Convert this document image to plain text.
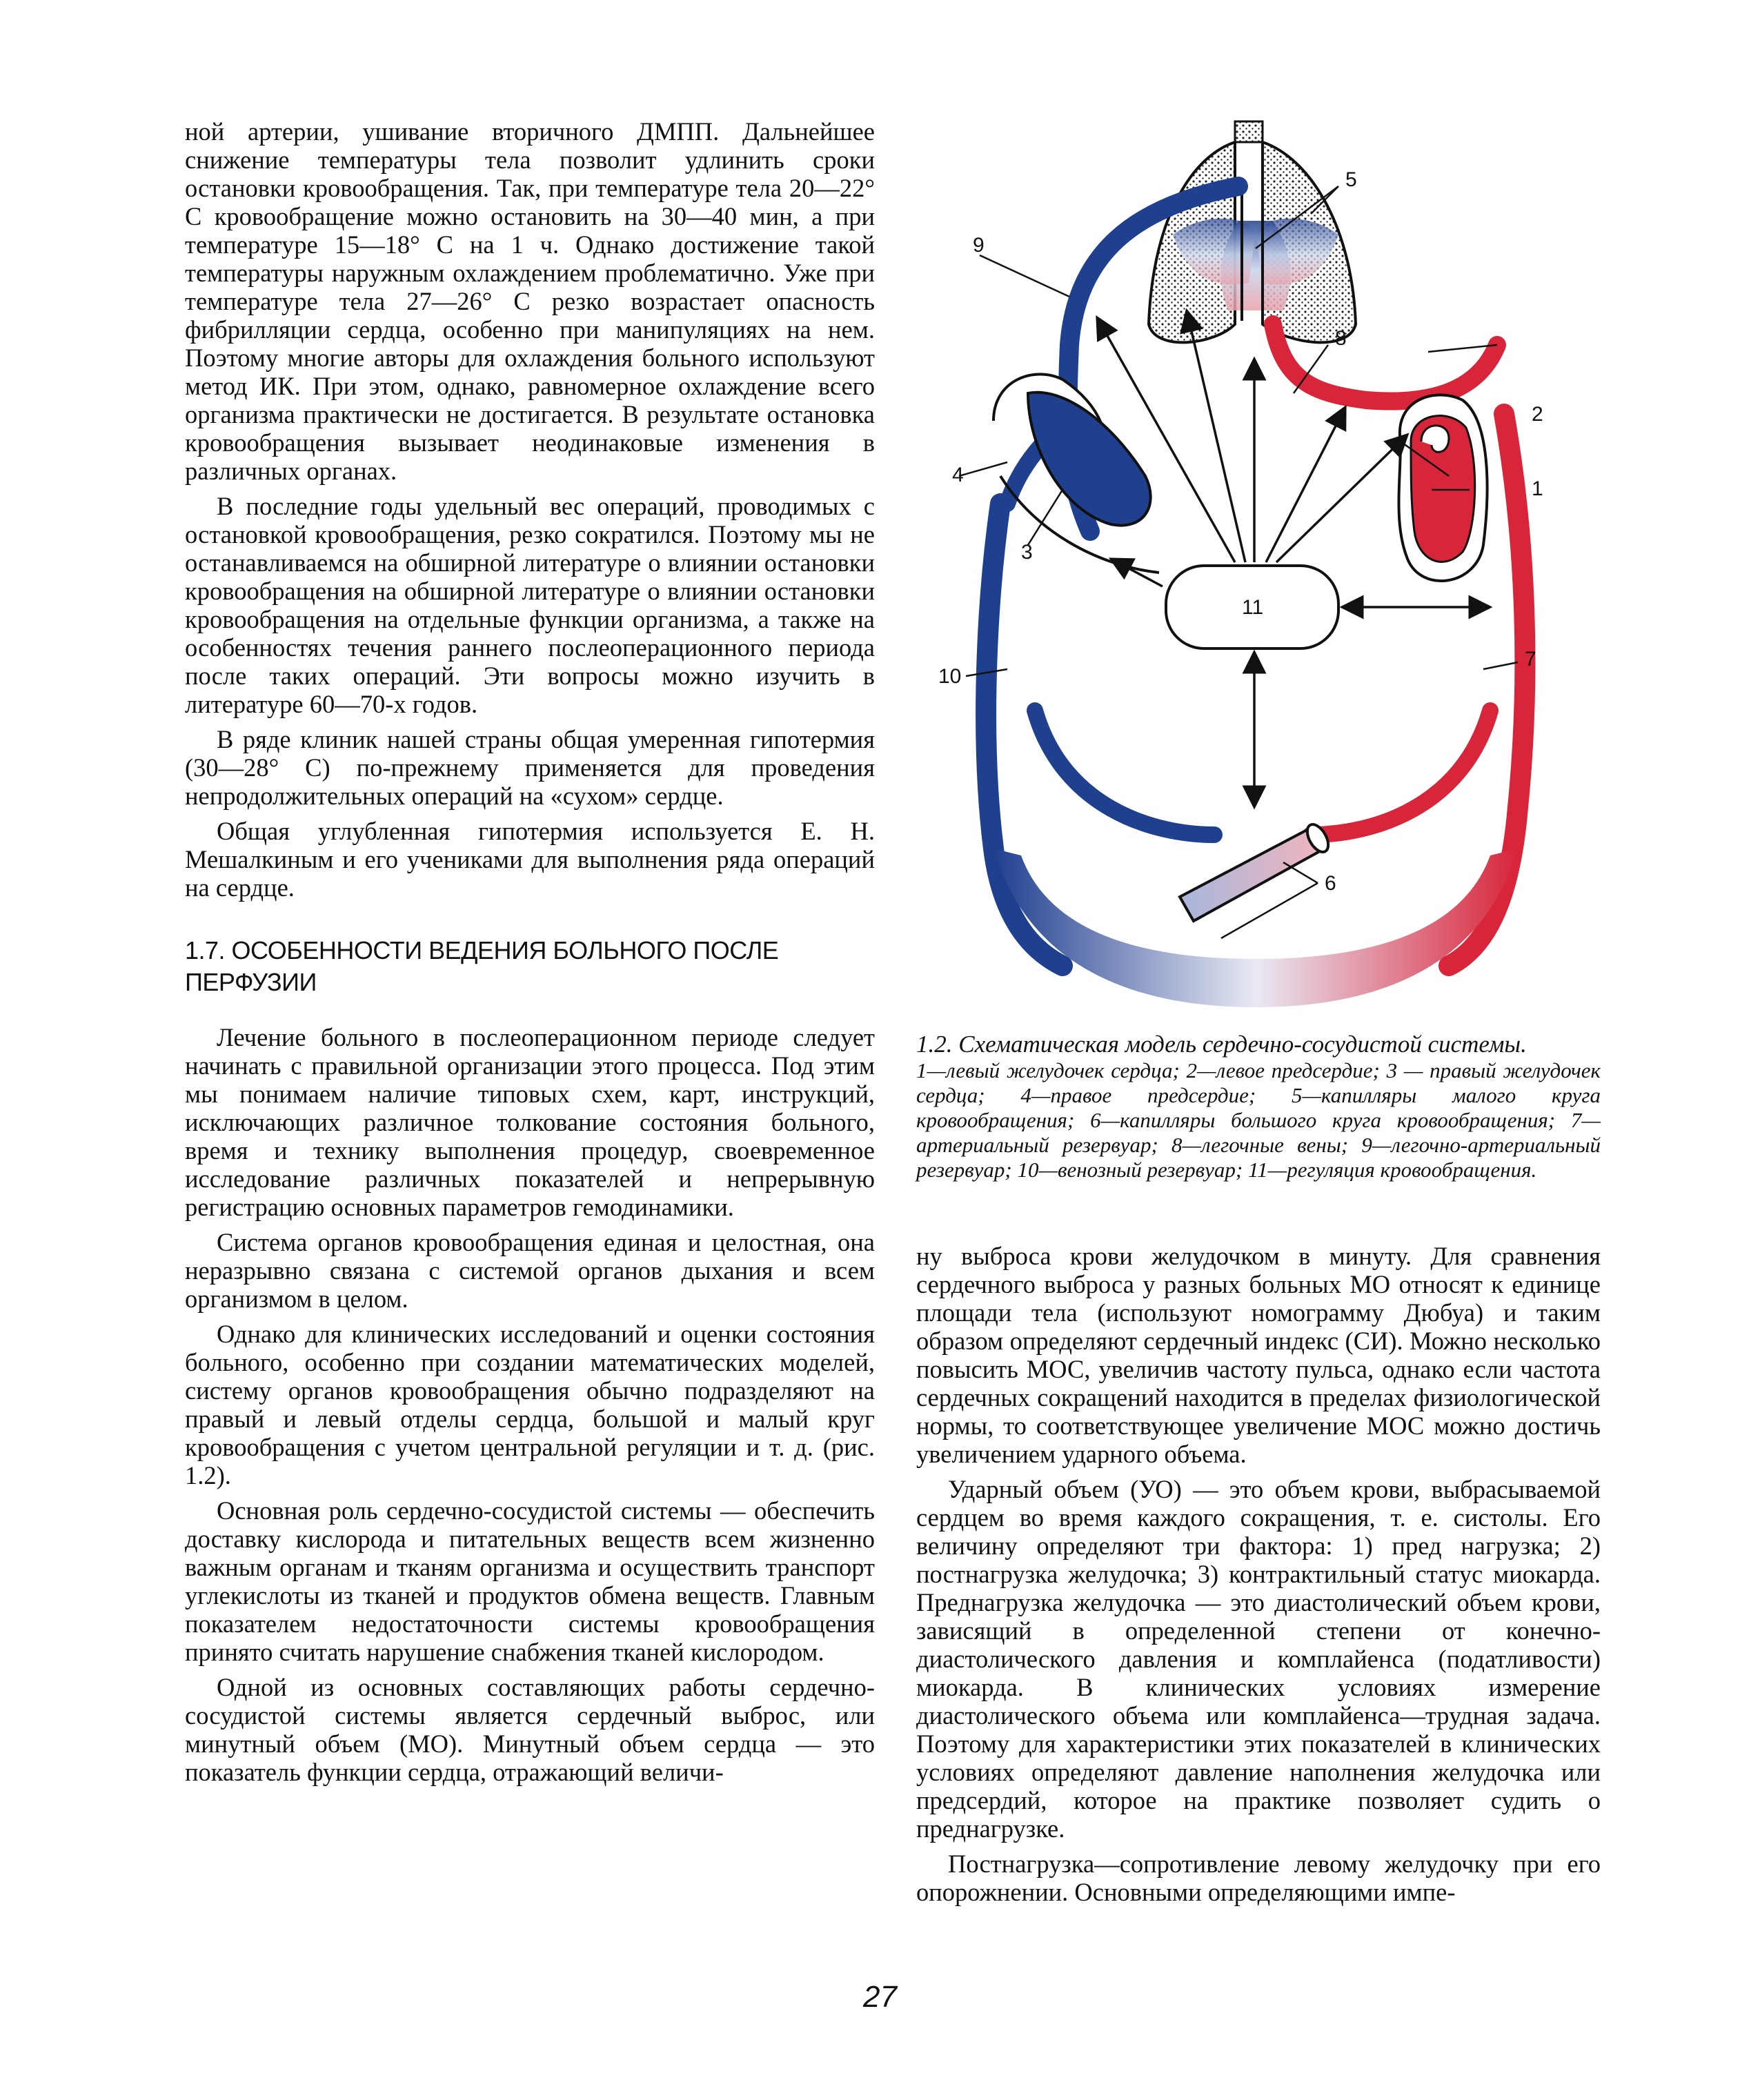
ной артерии, ушивание вторичного ДМПП. Дальнейшее снижение температуры тела позволит удлинить сроки остановки кровообращения. Так, при температуре тела 20—22° С кровообращение можно остановить на 30—40 мин, а при температуре 15—18° С на 1 ч. Однако достижение такой температуры наружным охлаждением проблематично. Уже при температуре тела 27—26° С резко возрастает опасность фибрилляции сердца, особенно при манипуляциях на нем. Поэтому многие авторы для охлаждения больного используют метод ИК. При этом, однако, равномерное охлаждение всего организма практически не достигается. В результате остановка кровообращения вызывает неодинаковые изменения в различных органах.

В последние годы удельный вес операций, проводимых с остановкой кровообращения, резко сократился. Поэтому мы не останавливаемся на обширной литературе о влиянии остановки кровообращения на обширной литературе о влиянии остановки кровообращения на отдельные функции организма, а также на особенностях течения раннего послеоперационного периода после таких операций. Эти вопросы можно изучить в литературе 60—70-х годов.

В ряде клиник нашей страны общая умеренная гипотермия (30—28° С) по-прежнему применяется для проведения непродолжительных операций на «сухом» сердце.

Общая углубленная гипотермия используется Е. Н. Мешалкиным и его учениками для выполнения ряда операций на сердце.

1.7. ОСОБЕННОСТИ ВЕДЕНИЯ БОЛЬНОГО ПОСЛЕ ПЕРФУЗИИ

Лечение больного в послеоперационном периоде следует начинать с правильной организации этого процесса. Под этим мы понимаем наличие типовых схем, карт, инструкций, исключающих различное толкование состояния больного, время и технику выполнения процедур, своевременное исследование различных показателей и непрерывную регистрацию основных параметров гемодинамики.

Система органов кровообращения единая и целостная, она неразрывно связана с системой органов дыхания и всем организмом в целом.

Однако для клинических исследований и оценки состояния больного, особенно при создании математических моделей, систему органов кровообращения обычно подразделяют на правый и левый отделы сердца, большой и малый круг кровообращения с учетом центральной регуляции и т. д. (рис. 1.2).

Основная роль сердечно-сосудистой системы — обеспечить доставку кислорода и питательных веществ всем жизненно важным органам и тканям организма и осуществить транспорт углекислоты из тканей и продуктов обмена веществ. Главным показателем недостаточности системы кровообращения принято считать нарушение снабжения тканей кислородом.

Одной из основных составляющих работы сердечно-сосудистой системы является сердечный выброс, или минутный объем (МО). Минутный объем сердца — это показатель функции сердца, отражающий величи-

1
2
3
4
5
6
7
8
9
10
11
1.2. Схематическая модель сердечно-сосудистой системы.
1—левый желудочек сердца; 2—левое предсердие; 3 — правый желудочек сердца; 4—правое предсердие; 5—капилляры малого круга кровообращения; 6—капилляры большого круга кровообращения; 7—артериальный резервуар; 8—легочные вены; 9—легочно-артериальный резервуар; 10—венозный резервуар; 11—регуляция кровообращения.

ну выброса крови желудочком в минуту. Для сравнения сердечного выброса у разных больных МО относят к единице площади тела (используют номограмму Дюбуа) и таким образом определяют сердечный индекс (СИ). Можно несколько повысить МОС, увеличив частоту пульса, однако если частота сердечных сокращений находится в пределах физиологической нормы, то соответствующее увеличение МОС можно достичь увеличением ударного объема.

Ударный объем (УО) — это объем крови, выбрасываемой сердцем во время каждого сокращения, т. е. систолы. Его величину определяют три фактора: 1) пред нагрузка; 2) постнагрузка желудочка; 3) контрактильный статус миокарда. Преднагрузка желудочка — это диастолический объем крови, зависящий в определенной степени от конечно-диастолического давления и комплайенса (податливости) миокарда. В клинических условиях измерение диастолического объема или комплайенса—трудная задача. Поэтому для характеристики этих показателей в клинических условиях определяют давление наполнения желудочка или предсердий, которое на практике позволяет судить о преднагрузке.

Постнагрузка—сопротивление левому желудочку при его опорожнении. Основными определяющими импе-

27
